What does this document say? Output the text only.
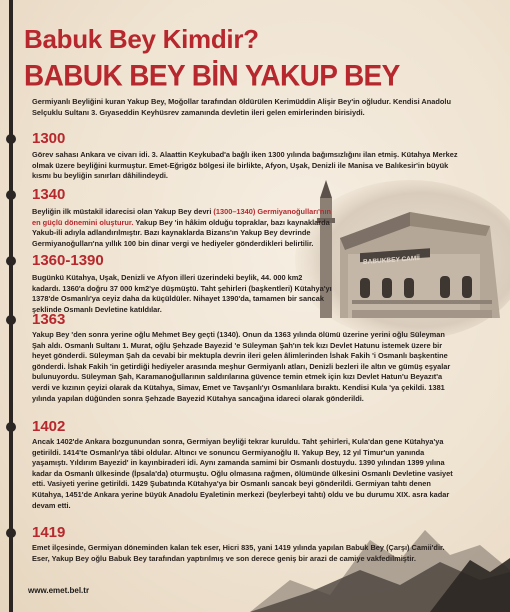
BABUKBEY CAMİİ
Babuk Bey Kimdir?
BABUK BEY BİN YAKUP BEY
Germiyanlı Beyliğini kuran Yakup Bey, Moğollar tarafından öldürülen Kerimüddin Alişir Bey'in oğludur. Kendisi Anadolu Selçuklu Sultanı 3. Gıyaseddin Keyhüsrev zamanında devletin ileri gelen emirlerinden birisiydi.
1300
Görev sahası Ankara ve civarı idi. 3. Alaattin Keykubad'a bağlı iken 1300 yılında bağımsızlığını ilan etmiş. Kütahya Merkez olmak üzere beyliğini kurmuştur. Emet-Eğrigöz bölgesi ile birlikte, Afyon, Uşak, Denizli ile Manisa ve Balıkesir'in büyük kısmı bu beyliğin sınırları dâhilindeydi.
1340
Beyliğin ilk müstakil idarecisi olan Yakup Bey devri (1300–1340) Germiyanoğulları'nın en güçlü dönemini oluşturur. Yakup Bey 'in hâkim olduğu topraklar, bazı kaynaklarda Yakub-ili adıyla adlandırılmıştır. Bazı kaynaklarda Bizans'ın Yakup Bey devrinde Germiyanoğulları'na yıllık 100 bin dinar vergi ve hediyeler gönderdikleri belirtilir.
1360-1390
Bugünkü Kütahya, Uşak, Denizli ve Afyon illeri üzerindeki beylik, 44. 000 km2 kadardı. 1360'a doğru 37 000 km2'ye düşmüştü. Taht şehirleri (başkentleri) Kütahya'yı 1378'de Osmanlı'ya ceyiz daha da küçüldüler. Nihayet 1390'da, tamamen bir sancak şeklinde Osmanlı Devletine katıldılar.
1363
Yakup Bey 'den sonra yerine oğlu Mehmet Bey geçti (1340). Onun da 1363 yılında ölümü üzerine yerini oğlu Süleyman Şah aldı. Osmanlı Sultanı 1. Murat, oğlu Şehzade Bayezid 'e Süleyman Şah'ın tek kızı Devlet Hatunu istemek üzere bir heyet gönderdi. Süleyman Şah da cevabi bir mektupla devrin ileri gelen âlimlerinden İshak Fakih 'i Osmanlı başkentine gönderdi. İshak Fakih 'in getirdiği hediyeler arasında meşhur Germiyanlı atları, Denizli bezleri ile altın ve gümüş eşyalar bulunuyordu. Süleyman Şah, Karamanoğullarının saldırılarına güvence temin etmek için kızı Devlet Hatun'u Beyazıt'a verdi ve kızının çeyizi olarak da Kütahya, Simav, Emet ve Tavşanlı'yı Osmanlılara bıraktı. Kendisi Kula 'ya çekildi. 1381 yılında yapılan düğünden sonra Şehzade Bayezid Kütahya sancağına idareci olarak gönderildi.
1402
Ancak 1402'de Ankara bozgunundan sonra, Germiyan beyliği tekrar kuruldu. Taht şehirleri, Kula'dan gene Kütahya'ya getirildi. 1414'te Osmanlı'ya tâbi oldular. Altıncı ve sonuncu Germiyanoğlu II. Yakup Bey, 12 yıl Timur'un yanında yaşamıştı. Yıldırım Bayezid' in kayınbiraderi idi. Aynı zamanda samimi bir Osmanlı dostuydu. 1390 yılından 1399 yılına kadar da Osmanlı ülkesinde (İpsala'da) oturmuştu. Oğlu olmasına rağmen, ölümünde ülkesini Osmanlı Devletine vasiyet etti. Vasiyeti yerine getirildi. 1429 Şubatında Kütahya'ya bir Osmanlı sancak beyi gönderildi. Germiyan tahtı denen Kütahya, 1451'de Ankara yerine büyük Anadolu Eyaletinin merkezi (beylerbeyi tahtı) oldu ve bu durumu XIX. asra kadar devam etti.
1419
Emet ilçesinde, Germiyan döneminden kalan tek eser, Hicri 835, yani 1419 yılında yapılan Babuk Bey (Çarşı) Camii'dir. Eser, Yakup Bey oğlu Babuk Bey tarafından yaptırılmış ve son derece geniş bir arazi de camiye vakfedilmiştir.
www.emet.bel.tr
